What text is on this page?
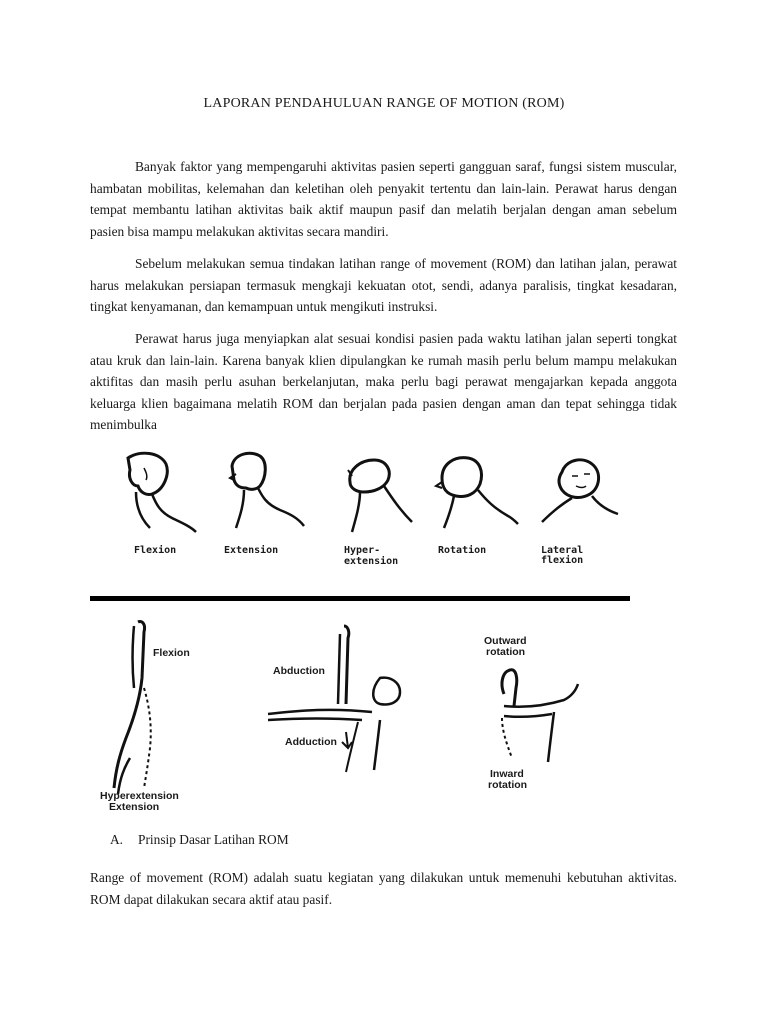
LAPORAN PENDAHULUAN RANGE OF MOTION (ROM)

Banyak faktor yang mempengaruhi aktivitas pasien seperti gangguan saraf, fungsi sistem muscular, hambatan mobilitas, kelemahan dan keletihan oleh penyakit tertentu dan lain-lain. Perawat harus dengan tempat membantu latihan aktivitas baik aktif maupun pasif dan melatih berjalan dengan aman sebelum pasien bisa mampu melakukan aktivitas secara mandiri.

Sebelum melakukan semua tindakan latihan range of movement (ROM) dan latihan jalan, perawat harus melakukan persiapan termasuk mengkaji kekuatan otot, sendi, adanya paralisis, tingkat kesadaran, tingkat kenyamanan, dan kemampuan untuk mengikuti instruksi.

Perawat harus juga menyiapkan alat sesuai kondisi pasien pada waktu latihan jalan seperti tongkat atau kruk dan lain-lain. Karena banyak klien dipulangkan ke rumah masih perlu belum mampu melakukan aktifitas dan masih perlu asuhan berkelanjutan, maka perlu bagi perawat mengajarkan kepada anggota keluarga klien bagaimana melatih ROM dan berjalan pada pasien dengan aman dan tepat sehingga tidak menimbulka

Flexion	Extension	Hyper-
extension
Rotation	Lateral
flexion
Flexion
Hyperextension
Extension
Abduction
Adduction
Outward
rotation
Inward
rotation
A. Prinsip Dasar Latihan ROM

Range of movement (ROM) adalah suatu kegiatan yang dilakukan untuk memenuhi kebutuhan aktivitas. ROM dapat dilakukan secara aktif atau pasif.
